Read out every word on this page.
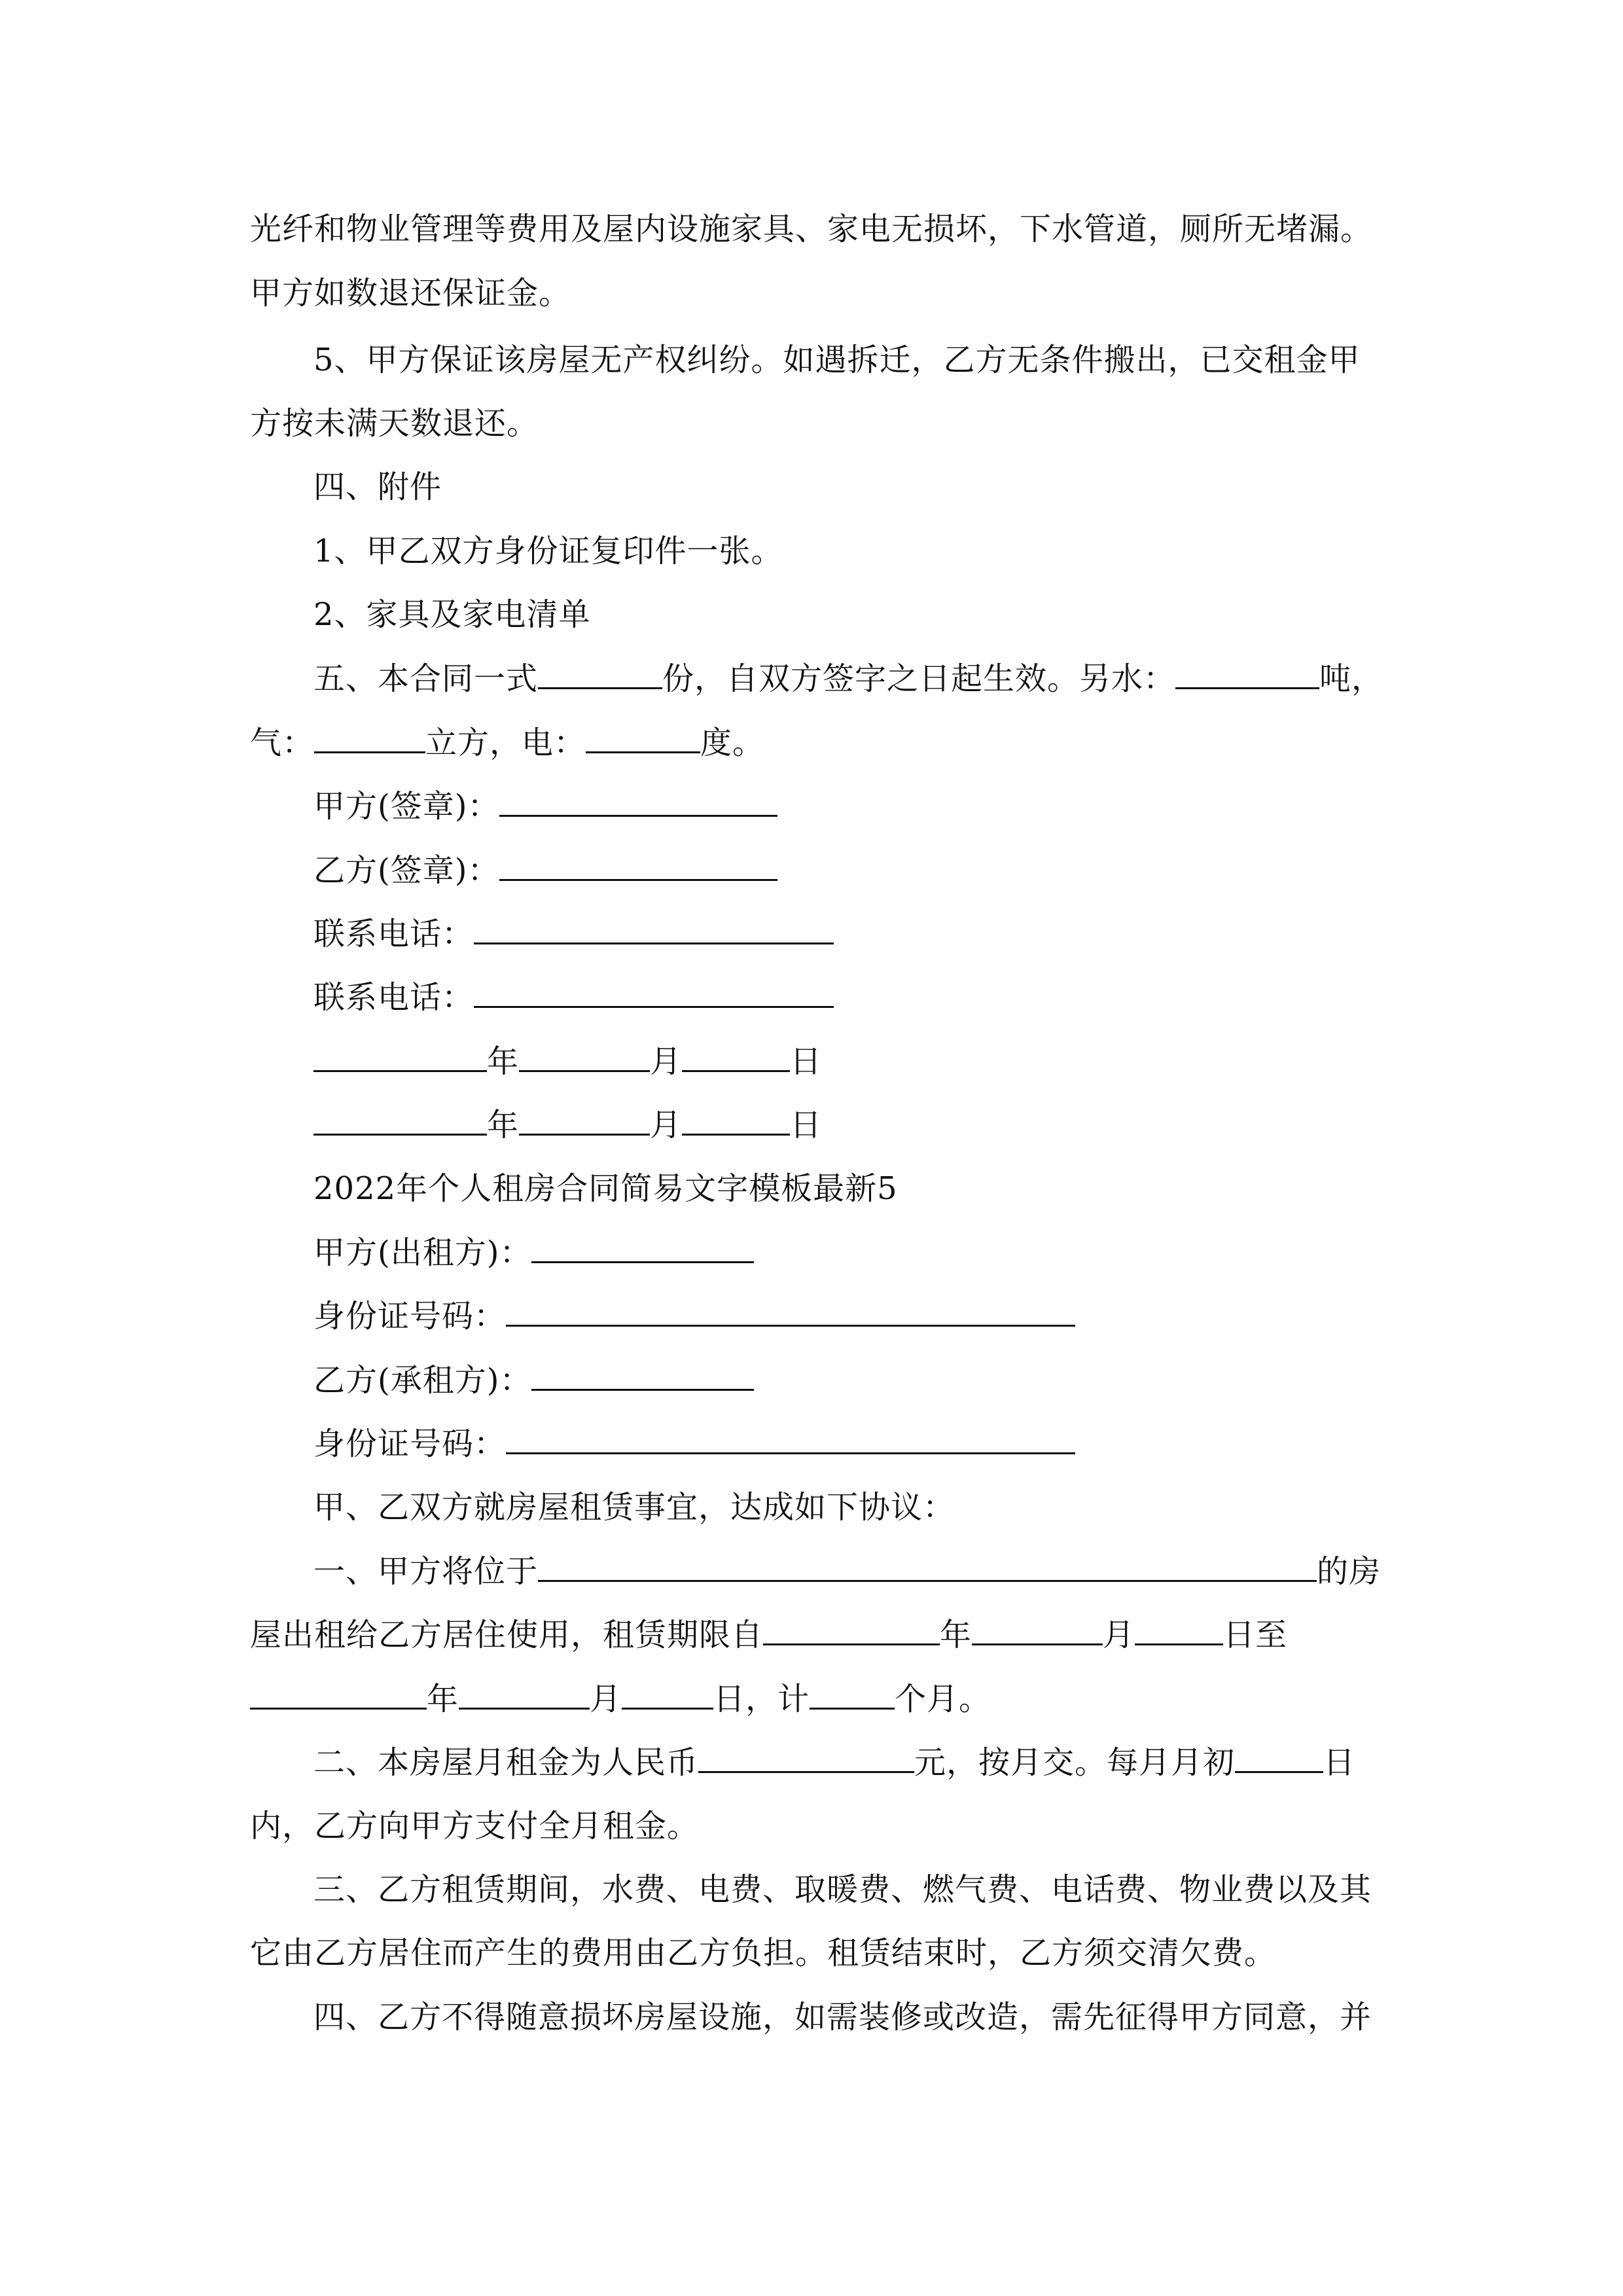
光纤和物业管理等费用及屋内设施家具、家电无损坏，下水管道，厕所无堵漏。
甲方如数退还保证金。
5、甲方保证该房屋无产权纠纷。如遇拆迁，乙方无条件搬出，已交租金甲
方按未满天数退还。
四、附件
1、甲乙双方身份证复印件一张。
2、家具及家电清单
五、本合同一式	份，自双方签字之日起生效。另水：	吨，
气：	立方，电：	度。
甲方(签章)：
乙方(签章)：
联系电话：
联系电话：
年	月	日
年	月	日
2022年个人租房合同简易文字模板最新5
甲方(出租方)：
身份证号码：
乙方(承租方)：
身份证号码：
甲、乙双方就房屋租赁事宜，达成如下协议：
一、甲方将位于	的房
屋出租给乙方居住使用，租赁期限自	年	月	日至
年	月	日，计	个月。
二、本房屋月租金为人民币	元，按月交。每月月初	日
内，乙方向甲方支付全月租金。
三、乙方租赁期间，水费、电费、取暖费、燃气费、电话费、物业费以及其
它由乙方居住而产生的费用由乙方负担。租赁结束时，乙方须交清欠费。
四、乙方不得随意损坏房屋设施，如需装修或改造，需先征得甲方同意，并
